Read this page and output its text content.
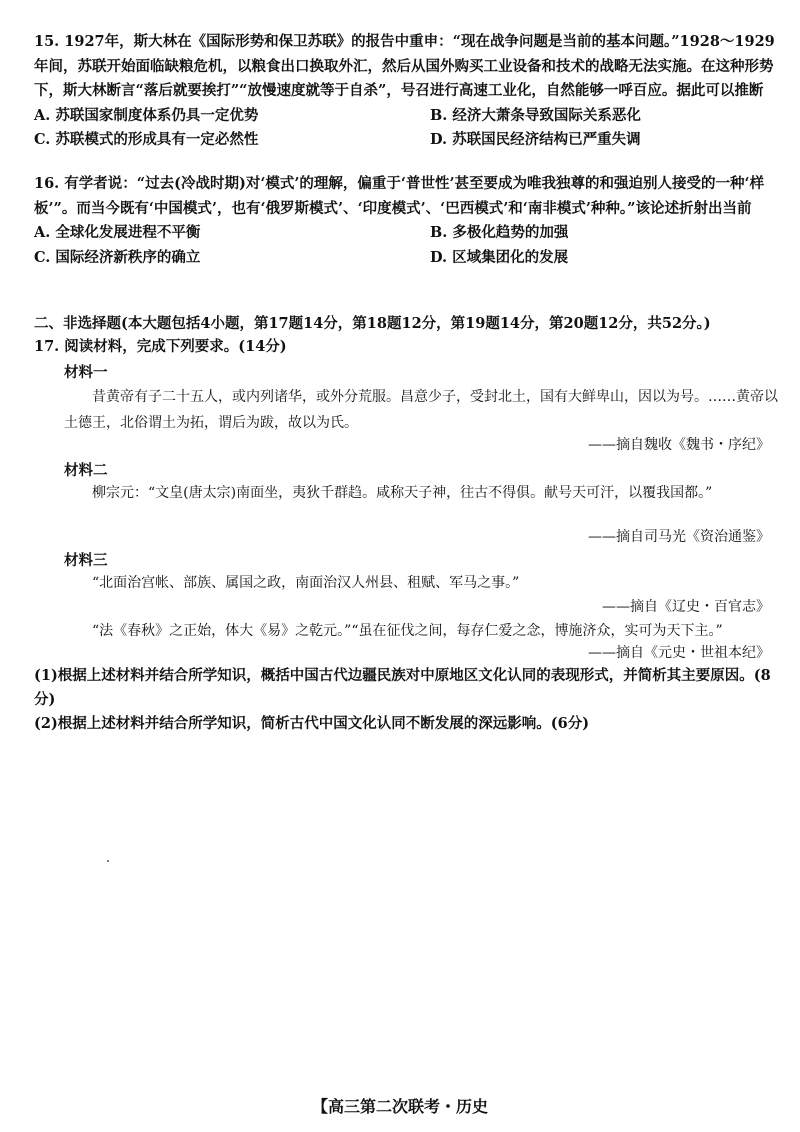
15. 1927年，斯大林在《国际形势和保卫苏联》的报告中重申：“现在战争问题是当前的基本问题。”1928～1929年间，苏联开始面临缺粮危机，以粮食出口换取外汇，然后从国外购买工业设备和技术的战略无法实施。在这种形势下，斯大林断言“落后就要挨打”“放慢速度就等于自杀”，号召进行高速工业化，自然能够一呼百应。据此可以推断

A. 苏联国家制度体系仍具一定优势	B. 经济大萧条导致国际关系恶化
C. 苏联模式的形成具有一定必然性	D. 苏联国民经济结构已严重失调

16. 有学者说：“过去(冷战时期)对‘模式’的理解，偏重于‘普世性’甚至要成为唯我独尊的和强迫别人接受的一种‘样板’”。而当今既有‘中国模式’，也有‘俄罗斯模式’、‘印度模式’、‘巴西模式’和‘南非模式’种种。”该论述折射出当前

A. 全球化发展进程不平衡	B. 多极化趋势的加强
C. 国际经济新秩序的确立	D. 区域集团化的发展
二、非选择题(本大题包括4小题，第17题14分，第18题12分，第19题14分，第20题12分，共52分。)
17. 阅读材料，完成下列要求。(14分)
材料一

昔黄帝有子二十五人，或内列诸华，或外分荒服。昌意少子，受封北土，国有大鲜卑山，因以为号。……黄帝以土德王，北俗谓土为拓，谓后为跋，故以为氏。

——摘自魏收《魏书・序纪》
材料二

柳宗元：“文皇(唐太宗)南面坐，夷狄千群趋。咸称天子神，往古不得俱。献号天可汗，以覆我国都。”

——摘自司马光《资治通鉴》
材料三

“北面治宫帐、部族、属国之政，南面治汉人州县、租赋、军马之事。”

——摘自《辽史・百官志》

“法《春秋》之正始，体大《易》之乾元。”“虽在征伐之间，每存仁爱之念，博施济众，实可为天下主。”

——摘自《元史・世祖本纪》

(1)根据上述材料并结合所学知识，概括中国古代边疆民族对中原地区文化认同的表现形式，并简析其主要原因。(8分)

(2)根据上述材料并结合所学知识，简析古代中国文化认同不断发展的深远影响。(6分)

【高三第二次联考・历史
